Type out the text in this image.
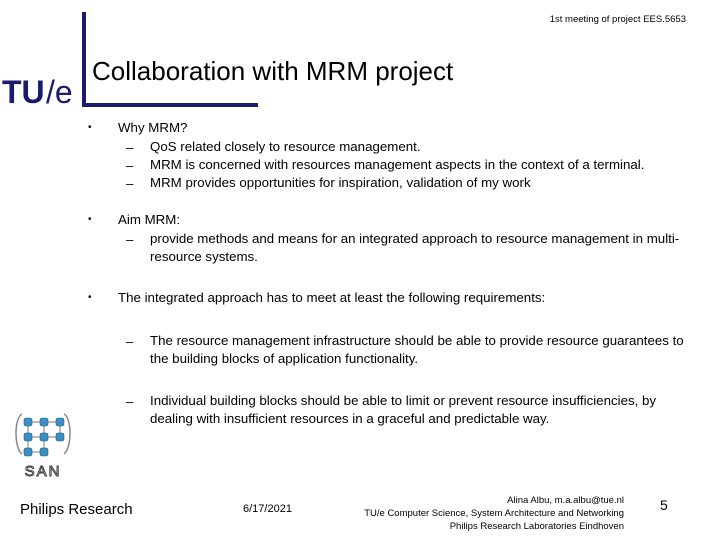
1st meeting of project EES.5653
TU /e
Collaboration with MRM project
• Why MRM?
– QoS related closely to resource management.
– MRM is concerned with resources management aspects in the context of a terminal.
– MRM provides opportunities for inspiration, validation of my work
• Aim MRM:
– provide methods and means for an integrated approach to resource management in multi-resource systems.
• The integrated approach has to meet at least the following requirements:
– The resource management infrastructure should be able to provide resource guarantees to the building blocks of application functionality.
– Individual building blocks should be able to limit or prevent resource insufficiencies, by dealing with insufficient resources in a graceful and predictable way.
SAN
Philips Research	6/17/2021
Alina Albu, m.a.albu@tue.nl
TU/e Computer Science, System Architecture and Networking
Philips Research Laboratories Eindhoven
5
